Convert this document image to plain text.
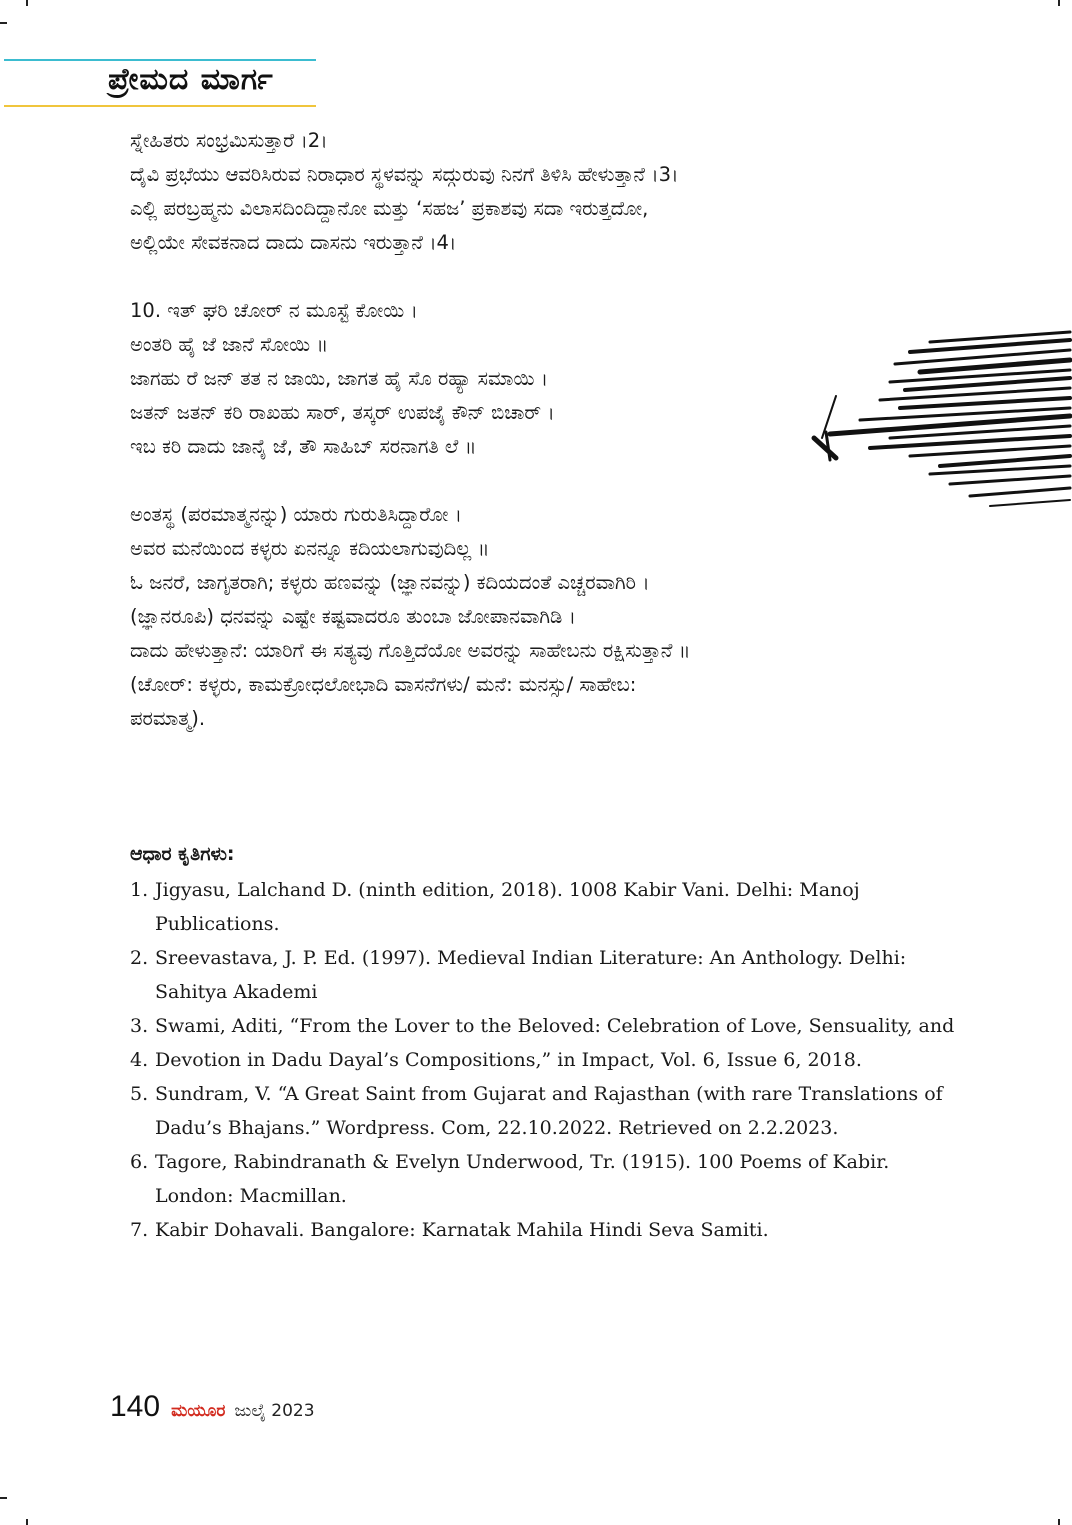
ಪ್ರೇಮದ ಮಾರ್ಗ
ಸ್ನೇಹಿತರು ಸಂಭ್ರಮಿಸುತ್ತಾರೆ ।2।
ದೈವಿ ಪ್ರಭೆಯು ಆವರಿಸಿರುವ ನಿರಾಧಾರ ಸ್ಥಳವನ್ನು ಸದ್ಗುರುವು ನಿನಗೆ ತಿಳಿಸಿ ಹೇಳುತ್ತಾನೆ ।3।
ಎಲ್ಲಿ ಪರಬ್ರಹ್ಮನು ವಿಲಾಸದಿಂದಿದ್ದಾನೋ ಮತ್ತು ‘ಸಹಜ’ ಪ್ರಕಾಶವು ಸದಾ ಇರುತ್ತದೋ,
ಅಲ್ಲಿಯೇ ಸೇವಕನಾದ ದಾದು ದಾಸನು ಇರುತ್ತಾನೆ ।4।
10. ಇತ್ ಘರಿ ಚೋರ್ ನ ಮೂಸ್ಟೆ ಕೋಯಿ ।
ಅಂತರಿ ಹೈ ಜೆ ಜಾನೆ ಸೋಯಿ ॥
ಜಾಗಹು ರೆ ಜನ್ ತತ ನ ಜಾಯಿ, ಜಾಗತ ಹೈ ಸೊ ರಹ್ಯಾ ಸಮಾಯಿ ।
ಜತನ್ ಜತನ್ ಕರಿ ರಾಖಹು ಸಾರ್, ತಸ್ಕರ್ ಉಪಜೈ ಕೌನ್ ಬಿಚಾರ್ ।
ಇಬ ಕರಿ ದಾದು ಜಾನೈ ಜೆ, ತೌ ಸಾಹಿಬ್ ಸರನಾಗತಿ ಲೆ ॥
ಅಂತಸ್ಥ (ಪರಮಾತ್ಮನನ್ನು) ಯಾರು ಗುರುತಿಸಿದ್ದಾರೋ ।
ಅವರ ಮನೆಯಿಂದ ಕಳ್ಳರು ಏನನ್ನೂ ಕದಿಯಲಾಗುವುದಿಲ್ಲ ॥
ಓ ಜನರೆ, ಜಾಗೃತರಾಗಿ; ಕಳ್ಳರು ಹಣವನ್ನು (ಜ್ಞಾನವನ್ನು) ಕದಿಯದಂತೆ ಎಚ್ಚರವಾಗಿರಿ ।
(ಜ್ಞಾನರೂಪಿ) ಧನವನ್ನು ಎಷ್ಟೇ ಕಷ್ಟವಾದರೂ ತುಂಬಾ ಜೋಪಾನವಾಗಿಡಿ ।
ದಾದು ಹೇಳುತ್ತಾನೆ: ಯಾರಿಗೆ ಈ ಸತ್ಯವು ಗೊತ್ತಿದೆಯೋ ಅವರನ್ನು ಸಾಹೇಬನು ರಕ್ಷಿಸುತ್ತಾನೆ ॥
(ಚೋರ್: ಕಳ್ಳರು, ಕಾಮಕ್ರೋಧಲೋಭಾದಿ ವಾಸನೆಗಳು/ ಮನೆ: ಮನಸ್ಸು/ ಸಾಹೇಬ:
ಪರಮಾತ್ಮ).
ಆಧಾರ ಕೃತಿಗಳು:
1. Jigyasu, Lalchand D. (ninth edition, 2018). 1008 Kabir Vani. Delhi: Manoj Publications.
2. Sreevastava, J. P. Ed. (1997). Medieval Indian Literature: An Anthology. Delhi: Sahitya Akademi
3. Swami, Aditi, “From the Lover to the Beloved: Celebration of Love, Sensuality, and
4. Devotion in Dadu Dayal’s Compositions,” in Impact, Vol. 6, Issue 6, 2018.
5. Sundram, V. “A Great Saint from Gujarat and Rajasthan (with rare Translations of Dadu’s Bhajans.” Wordpress. Com, 22.10.2022. Retrieved on 2.2.2023.
6. Tagore, Rabindranath & Evelyn Underwood, Tr. (1915). 100 Poems of Kabir. London: Macmillan.
7. Kabir Dohavali. Bangalore: Karnatak Mahila Hindi Seva Samiti.
140 ಮಯೂರ ಜುಲೈ 2023
